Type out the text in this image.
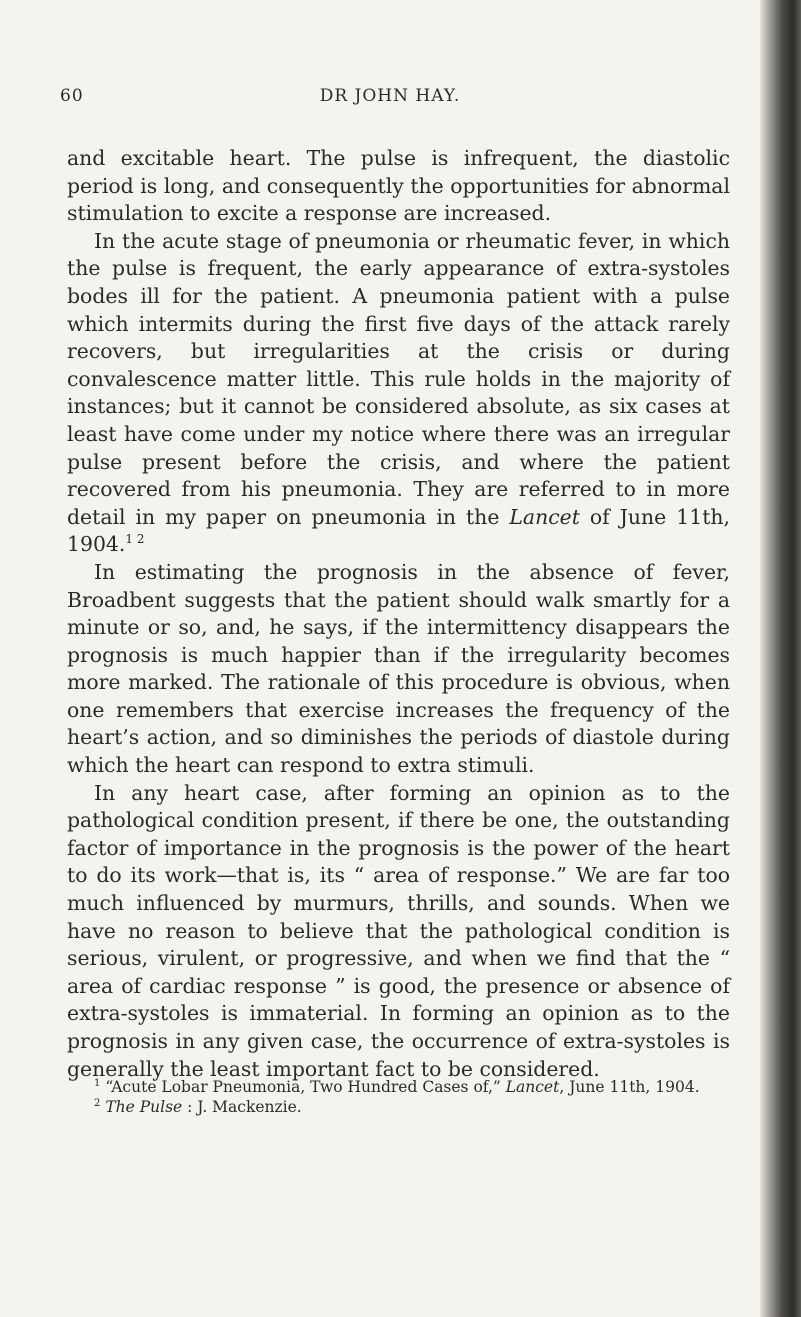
60	DR JOHN HAY.

and excitable heart. The pulse is infrequent, the diastolic period is long, and consequently the opportunities for abnormal stimulation to excite a response are increased.

In the acute stage of pneumonia or rheumatic fever, in which the pulse is frequent, the early appearance of extra-systoles bodes ill for the patient. A pneumonia patient with a pulse which intermits during the first five days of the attack rarely recovers, but irregularities at the crisis or during convalescence matter little. This rule holds in the majority of instances; but it cannot be considered absolute, as six cases at least have come under my notice where there was an irregular pulse present before the crisis, and where the patient recovered from his pneumonia. They are referred to in more detail in my paper on pneumonia in the Lancet of June 11th, 1904.$^{1 2}$

In estimating the prognosis in the absence of fever, Broadbent suggests that the patient should walk smartly for a minute or so, and, he says, if the intermittency disappears the prognosis is much happier than if the irregularity becomes more marked. The rationale of this procedure is obvious, when one remembers that exercise increases the frequency of the heart’s action, and so diminishes the periods of diastole during which the heart can respond to extra stimuli.

In any heart case, after forming an opinion as to the pathological condition present, if there be one, the outstanding factor of importance in the prognosis is the power of the heart to do its work—that is, its “ area of response.” We are far too much influenced by murmurs, thrills, and sounds. When we have no reason to believe that the pathological condition is serious, virulent, or progressive, and when we find that the “ area of cardiac response ” is good, the presence or absence of extra-systoles is immaterial. In forming an opinion as to the prognosis in any given case, the occurrence of extra-systoles is generally the least important fact to be considered.

$^1$ “Acute Lobar Pneumonia, Two Hundred Cases of,” Lancet, June 11th, 1904.

$^2$ The Pulse : J. Mackenzie.
